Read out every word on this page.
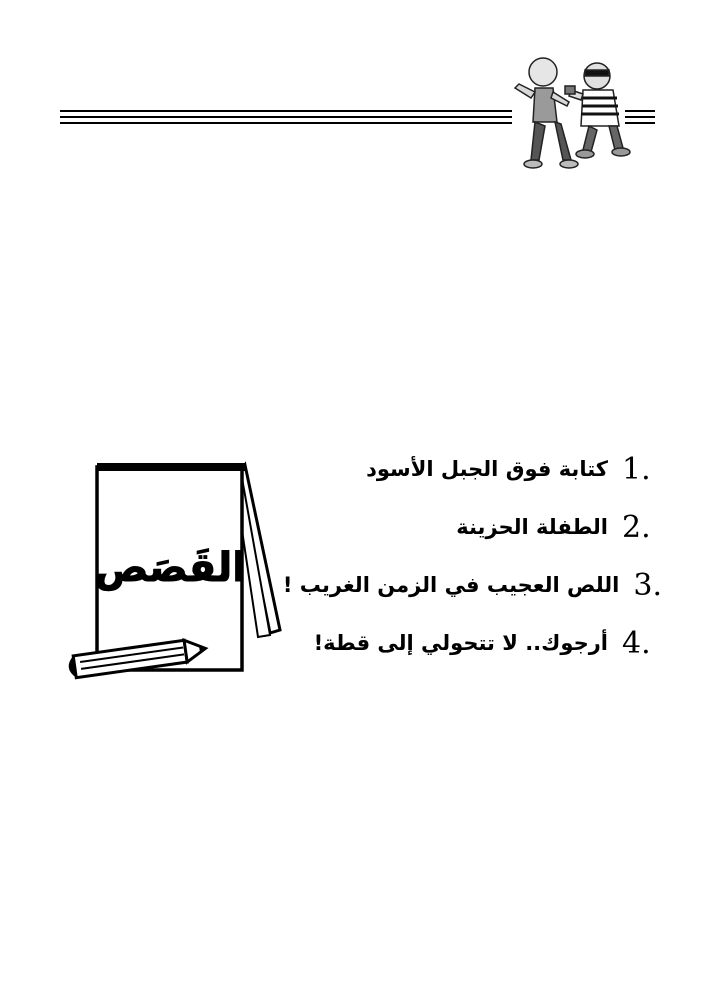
القَصَص
كتابة فوق الجبل الأسود 1.
الطفلة الحزينة 2.
اللص العجيب في الزمن الغريب ! 3.
أرجوك.. لا تتحولي إلى قطة! 4.
